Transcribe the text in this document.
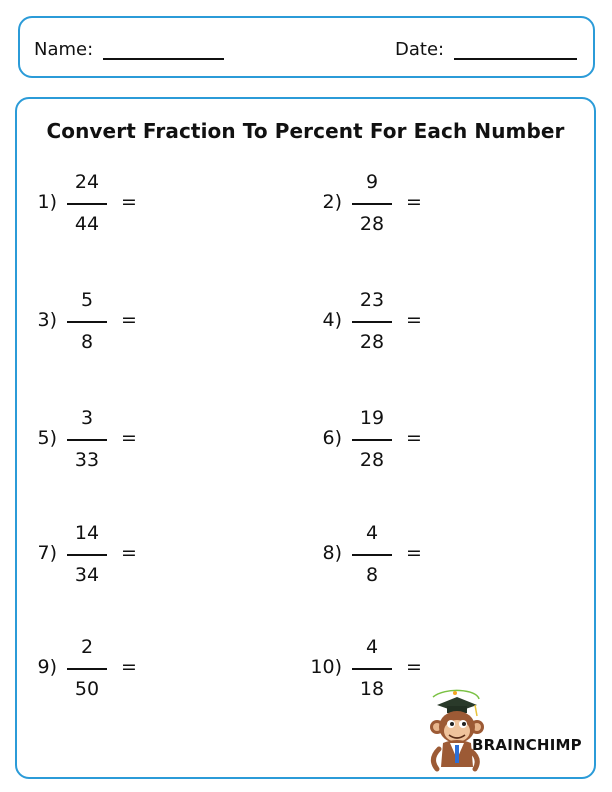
Name:	Date:
Convert Fraction To Percent For Each Number
1)
24
44
=	2)
9
28
=
3)
5
8
=	4)
23
28
=
5)
3
33
=	6)
19
28
=
7)
14
34
=	8)
4
8
=
9)
2
50
=	10)
4
18
=
BRAINCHIMP
